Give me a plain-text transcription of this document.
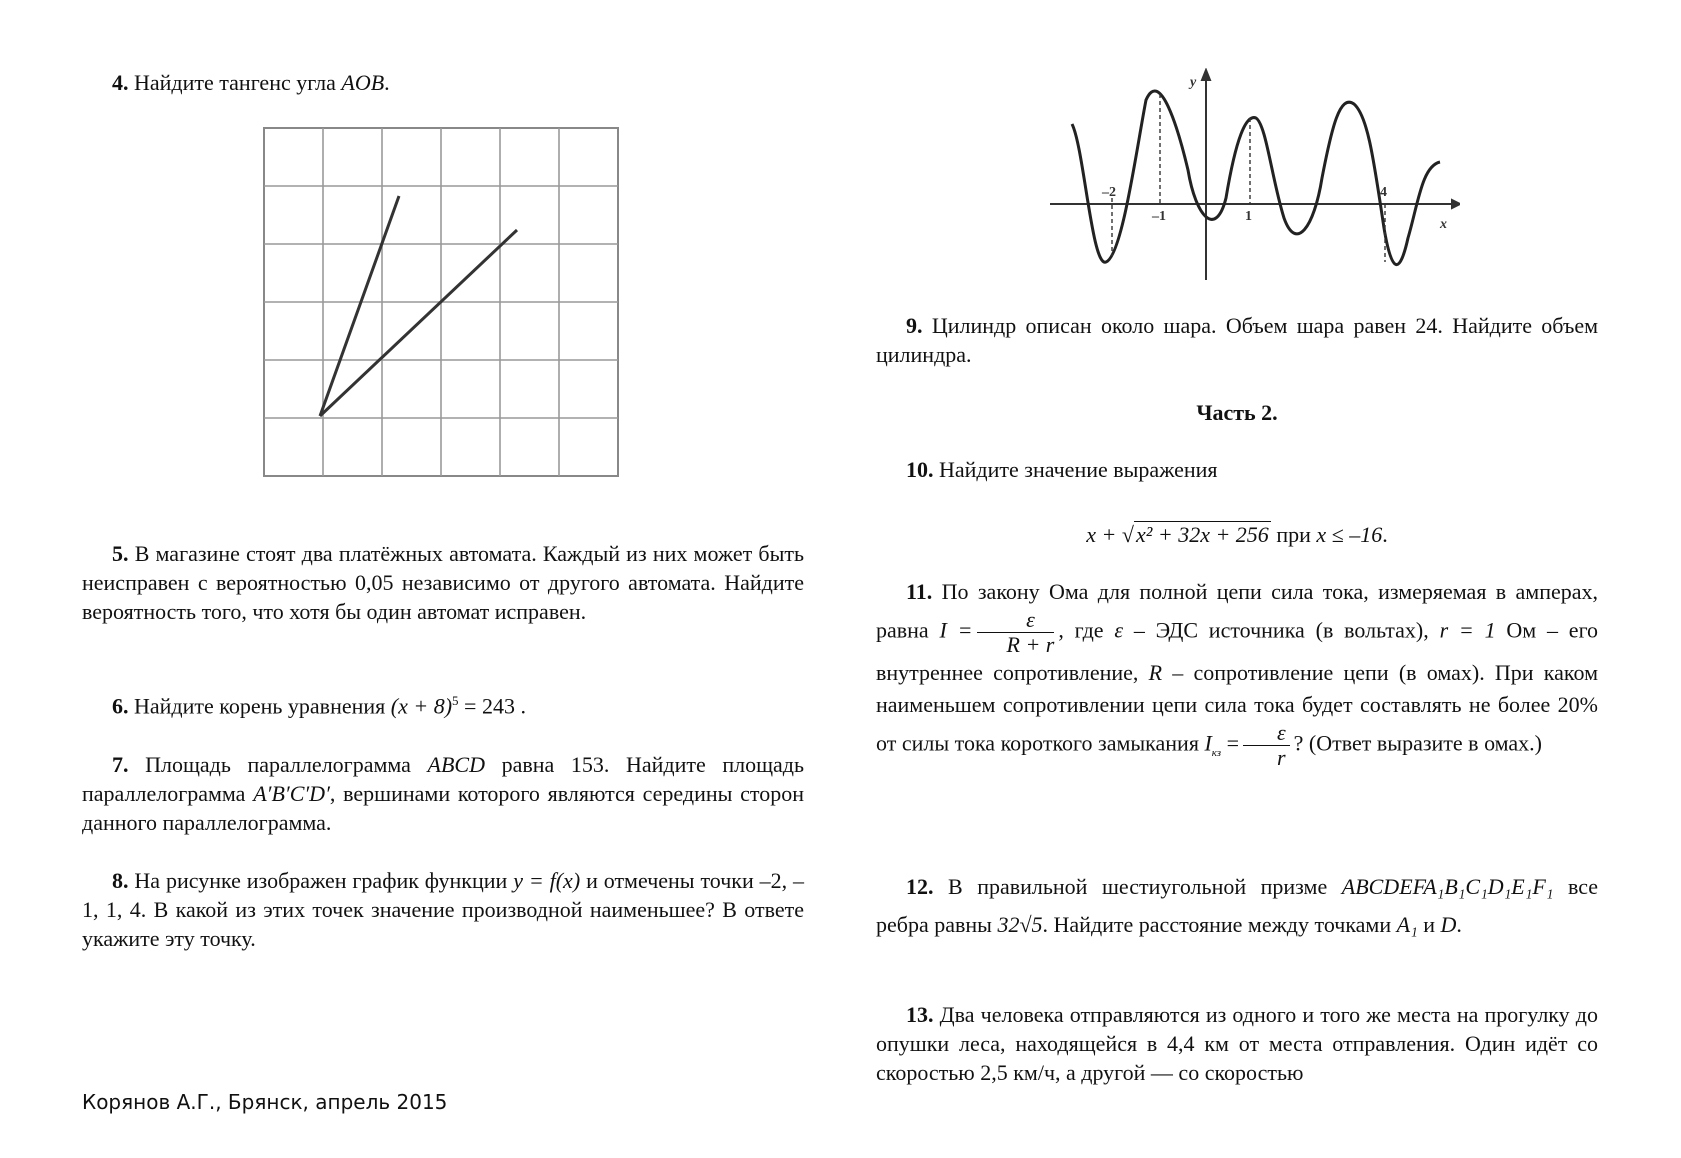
4. Найдите тангенс угла AOB.

5. В магазине стоят два платёжных автомата. Каждый из них может быть неисправен с вероятностью 0,05 независимо от другого автомата. Найдите вероятность того, что хотя бы один автомат исправен.

6. Найдите корень уравнения $(x + 8)^5 = 243$ .

7. Площадь параллелограмма ABCD равна 153. Найдите площадь параллелограмма A′B′C′D′, вершинами которого являются середины сторон данного параллелограмма.

8. На рисунке изображен график функции y = f(x) и отмечены точки –2, –1, 1, 4. В какой из этих точек значение производной наименьшее? В ответе укажите эту точку.

Корянов А.Г., Брянск, апрель 2015
y
x
–2
–1	1
4

9. Цилиндр описан около шара. Объем шара равен 24. Найдите объем цилиндра.

Часть 2.

10. Найдите значение выражения

x + √x² + 32x + 256 при x ≤ –16.

11. По закону Ома для полной цепи сила тока, измеряемая в амперах, равна $I = \frac{\varepsilon}{R + r}$ , где ε – ЭДС источника (в вольтах), r = 1 Ом – его внутреннее сопротивление, R – сопротивление цепи (в омах). При каком наименьшем сопротивлении цепи сила тока будет составлять не более 20% от силы тока короткого замыкания $I_{кз} = \frac{\varepsilon}{r}$ ? (Ответ выразите в омах.)

12. В правильной шестиугольной призме ABCDEFA₁B₁C₁D₁E₁F₁ все ребра равны 32√5. Найдите расстояние между точками A₁ и D.

13. Два человека отправляются из одного и того же места на прогулку до опушки леса, находящейся в 4,4 км от места отправления. Один идёт со скоростью 2,5 км/ч, а другой — со скоростью
